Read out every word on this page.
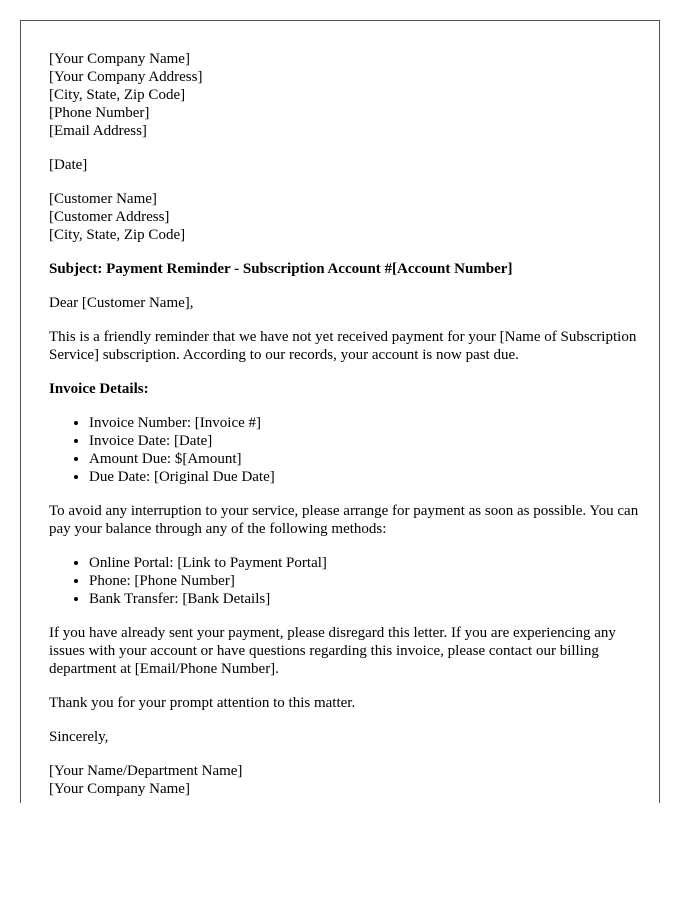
[Your Company Name]
[Your Company Address]
[City, State, Zip Code]
[Phone Number]
[Email Address]

[Date]

[Customer Name]
[Customer Address]
[City, State, Zip Code]

Subject: Payment Reminder - Subscription Account #[Account Number]

Dear [Customer Name],

This is a friendly reminder that we have not yet received payment for your [Name of Subscription Service] subscription. According to our records, your account is now past due.

Invoice Details:

• Invoice Number: [Invoice #]
• Invoice Date: [Date]
• Amount Due: $[Amount]
• Due Date: [Original Due Date]

To avoid any interruption to your service, please arrange for payment as soon as possible. You can pay your balance through any of the following methods:

• Online Portal: [Link to Payment Portal]
• Phone: [Phone Number]
• Bank Transfer: [Bank Details]

If you have already sent your payment, please disregard this letter. If you are experiencing any issues with your account or have questions regarding this invoice, please contact our billing department at [Email/Phone Number].

Thank you for your prompt attention to this matter.

Sincerely,

[Your Name/Department Name]
[Your Company Name]
